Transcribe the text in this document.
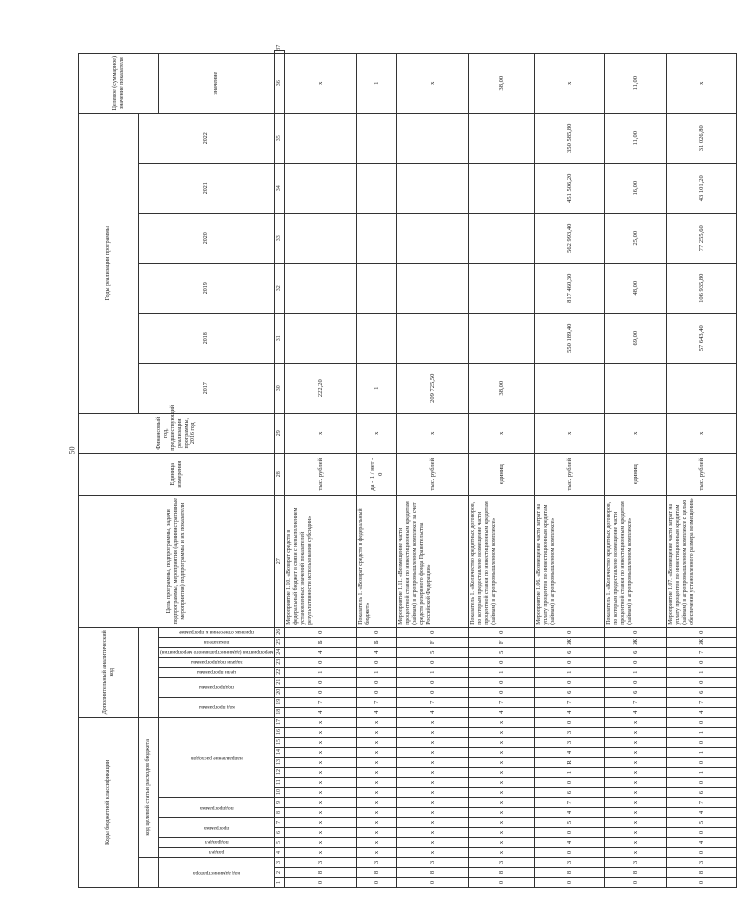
50
Коды бюджетной классификации																	Дополнительный аналитический код									Цель программы, подпрограммы, задачи подпрограммы, мероприятия (административные мероприятия) подпрограммы и их показатели	Единица измерения	Финансовый год, предшествующий реализации программы, 2016 год	Годы реализации программы						Целевое (суммарное) значение показателя	
			код целевой статьи расходов бюджета																										2017	2018	2019	2020	2021	2022		

код администратора			раздел	подраздел	программа		подпрограмма		направление расходов								код программы		подпрограммы		цели программы	задачи подпрограммы	мероприятия (административного мероприятия)	показателя	признак отнесения к программе										значение	
1	2	3	4	5	6	7	8	9	10	11	12	13	14	15	16	17	18	19	20	21	22	23	24	25	26	27	28	29	30	31	32	33	34	35	36	37
0	8	3	x	x	x	x	x	x	x	x	x	x	x	x	x	x	4	7	0	0	1	0	4	Б	0	Мероприятие 1.10. «Возврат средств в федеральный бюджет в связи с невыполнением установленных значений показателей результативности использования субсидии»	тыс. рублей	x	222,20						x	
0	8	3	x	x	x	x	x	x	x	x	x	x	x	x	x	x	4	7	0	0	1	0	4	Б	0	Показатель 1. «Возврат средств в федеральный бюджет»	да - 1 / нет - 0	x	1						1	
0	8	3	x	x	x	x	x	x	x	x	x	x	x	x	x	x	4	7	0	0	1	0	5	F	0	Мероприятие 1.11. «Возмещение части процентной ставки по инвестиционным кредитам (займам) в агропромышленном комплексе за счет средств резервного фонда Правительства Российской Федерации»	тыс. рублей	x	209 725,50						x	
0	8	3	x	x	x	x	x	x	x	x	x	x	x	x	x	x	4	7	0	0	1	0	5	F	0	Показатель 1. «Количество кредитных договоров, по которым предоставлено возмещение части процентной ставки по инвестиционным кредитам (займам) в агропромышленном комплексе»	единиц	x	38,00						38,00	
0	8	3	0	4	0	5	4	7	6	0	1	R	4	3	3	0	4	7	6	0	1	0	6	Ж	0	Мероприятие 1.06. «Возмещение части затрат на уплату процентов по инвестиционным кредитам (займам) в агропромышленном комплексе»	тыс. рублей	x		550 189,40	817 460,30	562 993,40	451 506,20	350 585,80	x	
0	8	3	x	x	x	x	x	x	x	x	x	x	x	x	x	x	4	7	6	0	1	0	6	Ж	0	Показатель 1. «Количество кредитных договоров, по которым предоставлено возмещение части процентной ставки по инвестиционным кредитам (займам) в агропромышленном комплексе»	единиц	x		69,00	48,00	25,00	16,00	11,00	11,00	
0	8	3	0	4	0	5	4	7	6	0	1	0	1	0	1	0	4	7	6	0	1	0	7	Ж	0	Мероприятие 1.07. «Возмещение части затрат на уплату процентов по инвестиционным кредитам (займам) в агропромышленном комплексе с целью обеспечения установленного размера возмещения»	тыс. рублей	x		57 643,40	106 935,80	77 255,60	43 101,20	31 026,80	x	
